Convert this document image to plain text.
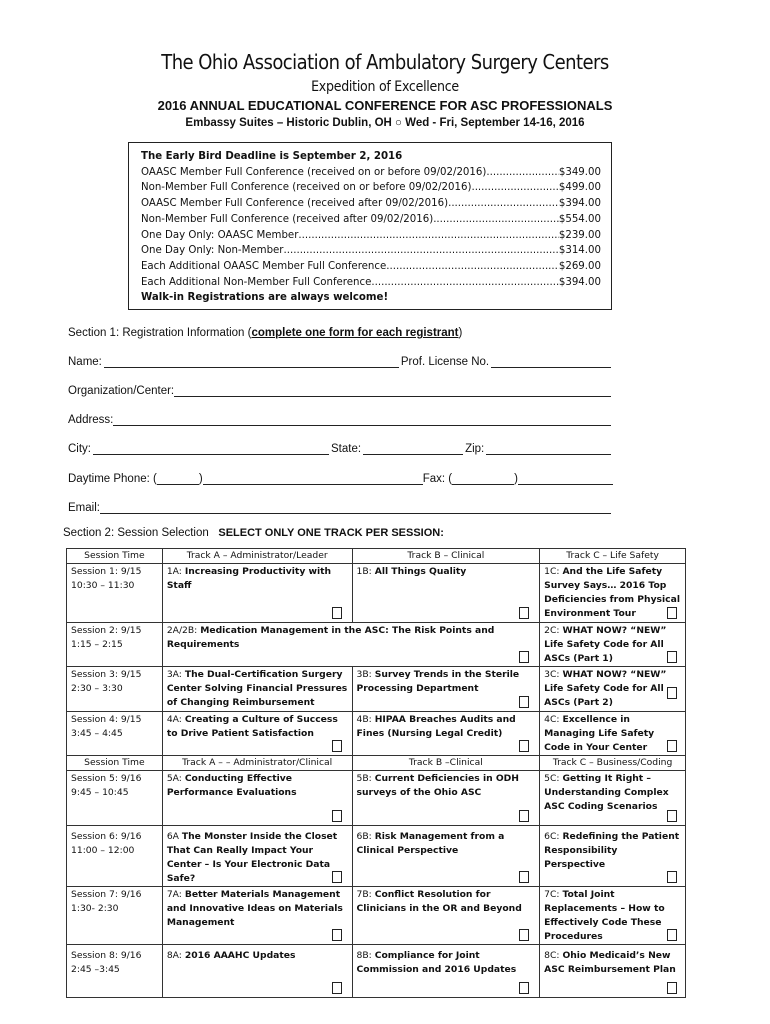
The Ohio Association of Ambulatory Surgery Centers
Expedition of Excellence
2016 ANNUAL EDUCATIONAL CONFERENCE FOR ASC PROFESSIONALS
Embassy Suites – Historic Dublin, OH ○ Wed - Fri, September 14-16, 2016
The Early Bird Deadline is September 2, 2016
OAASC Member Full Conference (received on or before 09/02/2016) .....	$349.00
Non-Member Full Conference (received on or before 09/02/2016) .....	$499.00
OAASC Member Full Conference (received after 09/02/2016) .....	$394.00
Non-Member Full Conference (received after 09/02/2016) .....	$554.00
One Day Only: OAASC Member .....	$239.00
One Day Only: Non-Member .....	$314.00
Each Additional OAASC Member Full Conference .....	$269.00
Each Additional Non-Member Full Conference .....	$394.00
Walk-in Registrations are always welcome!
Section 1: Registration Information (complete one form for each registrant)
Name:	Prof. License No.
Organization/Center:
Address:
City:	State:	Zip:
Daytime Phone: (	)	Fax: (	)
Email:
Section 2: Session Selection SELECT ONLY ONE TRACK PER SESSION:
Session Time	Track A – Administrator/Leader	Track B – Clinical	Track C – Life Safety
Session 1: 9/15
10:30 – 11:30	1A: Increasing Productivity with Staff	1B: All Things Quality	1C: And the Life Safety Survey Says… 2016 Top Deficiencies from Physical Environment Tour

Session 2: 9/15
1:15 – 2:15	2A/2B: Medication Management in the ASC: The Risk Points and Requirements		2C: WHAT NOW? “NEW” Life Safety Code for All ASCs (Part 1)

Session 3: 9/15
2:30 – 3:30	3A: The Dual-Certification Surgery Center Solving Financial Pressures of Changing Reimbursement	3B: Survey Trends in the Sterile Processing Department	3C: WHAT NOW? “NEW” Life Safety Code for All ASCs (Part 2)

Session 4: 9/15
3:45 – 4:45	4A: Creating a Culture of Success to Drive Patient Satisfaction	4B: HIPAA Breaches Audits and Fines (Nursing Legal Credit)	4C: Excellence in Managing Life Safety Code in Your Center

Session Time	Track A – – Administrator/Clinical	Track B –Clinical	Track C – Business/Coding
Session 5: 9/16
9:45 – 10:45	5A: Conducting Effective Performance Evaluations	5B: Current Deficiencies in ODH surveys of the Ohio ASC	5C: Getting It Right – Understanding Complex ASC Coding Scenarios

Session 6: 9/16
11:00 – 12:00	6A The Monster Inside the Closet That Can Really Impact Your Center – Is Your Electronic Data Safe?	6B: Risk Management from a Clinical Perspective	6C: Redefining the Patient Responsibility Perspective

Session 7: 9/16
1:30- 2:30	7A: Better Materials Management and Innovative Ideas on Materials Management	7B: Conflict Resolution for Clinicians in the OR and Beyond	7C: Total Joint Replacements – How to Effectively Code These Procedures

Session 8: 9/16
2:45 –3:45	8A: 2016 AAAHC Updates	8B: Compliance for Joint Commission and 2016 Updates	8C: Ohio Medicaid’s New ASC Reimbursement Plan
